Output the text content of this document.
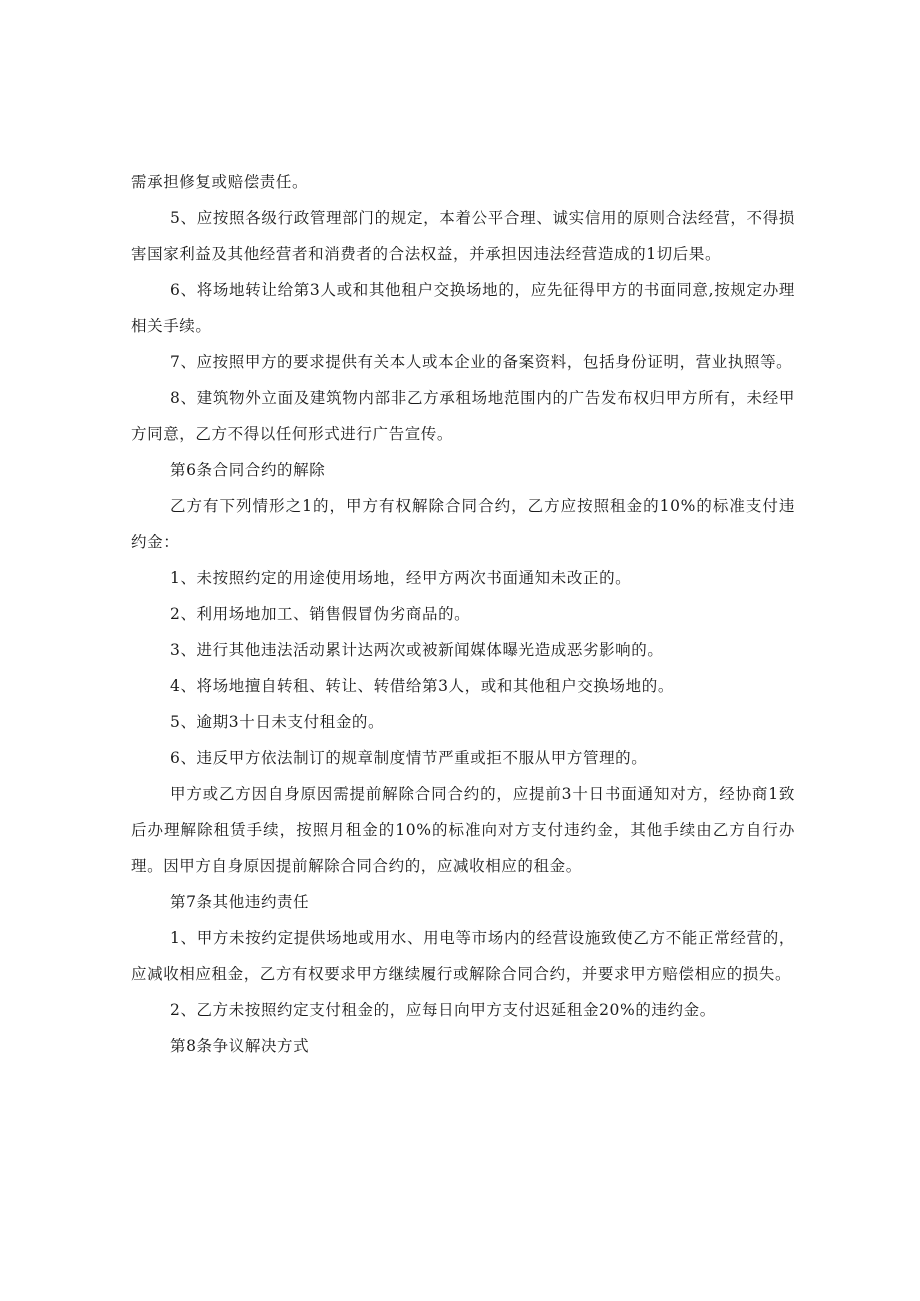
需承担修复或赔偿责任。

5、应按照各级行政管理部门的规定，本着公平合理、诚实信用的原则合法经营，不得损害国家利益及其他经营者和消费者的合法权益，并承担因违法经营造成的1切后果。

6、将场地转让给第3人或和其他租户交换场地的，应先征得甲方的书面同意,按规定办理相关手续。

7、应按照甲方的要求提供有关本人或本企业的备案资料，包括身份证明，营业执照等。

8、建筑物外立面及建筑物内部非乙方承租场地范围内的广告发布权归甲方所有，未经甲方同意，乙方不得以任何形式进行广告宣传。

第6条合同合约的解除

乙方有下列情形之1的，甲方有权解除合同合约，乙方应按照租金的10%的标准支付违约金：

1、未按照约定的用途使用场地，经甲方两次书面通知未改正的。

2、利用场地加工、销售假冒伪劣商品的。

3、进行其他违法活动累计达两次或被新闻媒体曝光造成恶劣影响的。

4、将场地擅自转租、转让、转借给第3人，或和其他租户交换场地的。

5、逾期3十日未支付租金的。

6、违反甲方依法制订的规章制度情节严重或拒不服从甲方管理的。

甲方或乙方因自身原因需提前解除合同合约的，应提前3十日书面通知对方，经协商1致后办理解除租赁手续，按照月租金的10%的标准向对方支付违约金，其他手续由乙方自行办理。因甲方自身原因提前解除合同合约的，应减收相应的租金。

第7条其他违约责任

1、甲方未按约定提供场地或用水、用电等市场内的经营设施致使乙方不能正常经营的，应减收相应租金，乙方有权要求甲方继续履行或解除合同合约，并要求甲方赔偿相应的损失。

2、乙方未按照约定支付租金的，应每日向甲方支付迟延租金20%的违约金。

第8条争议解决方式
